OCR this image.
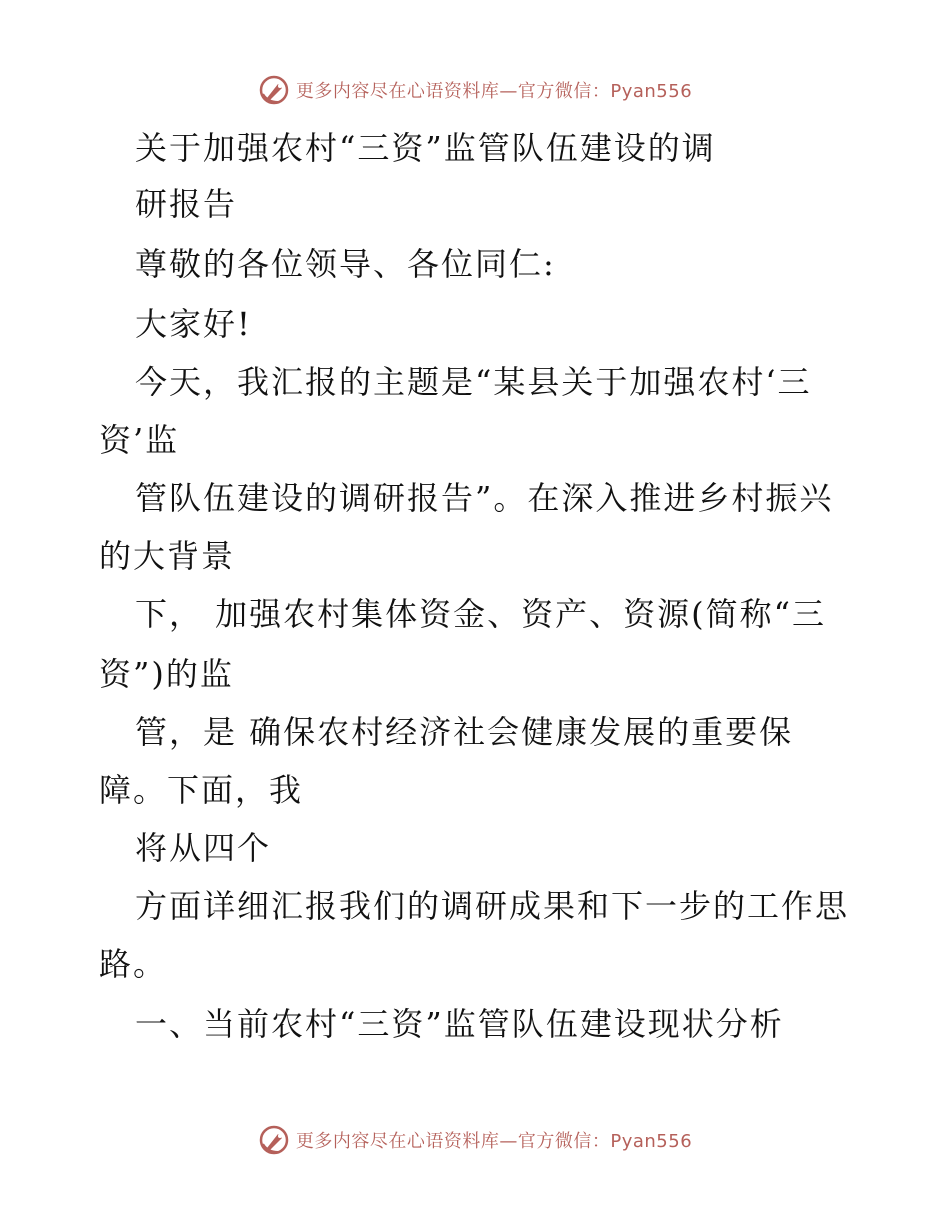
更多内容尽在心语资料库—官方微信：Pyan556
关于加强农村“三资”监管队伍建设的调
研报告
尊敬的各位领导、各位同仁:
大家好!
今天，我汇报的主题是“某县关于加强农村‘三
资’监
管队伍建设的调研报告”。在深入推进乡村振兴
的大背景
下， 加强农村集体资金、资产、资源(简称“三
资”)的监
管，是 确保农村经济社会健康发展的重要保
障。下面，我
将从四个
方面详细汇报我们的调研成果和下一步的工作思
路。
一、当前农村“三资”监管队伍建设现状分析
更多内容尽在心语资料库—官方微信：Pyan556
